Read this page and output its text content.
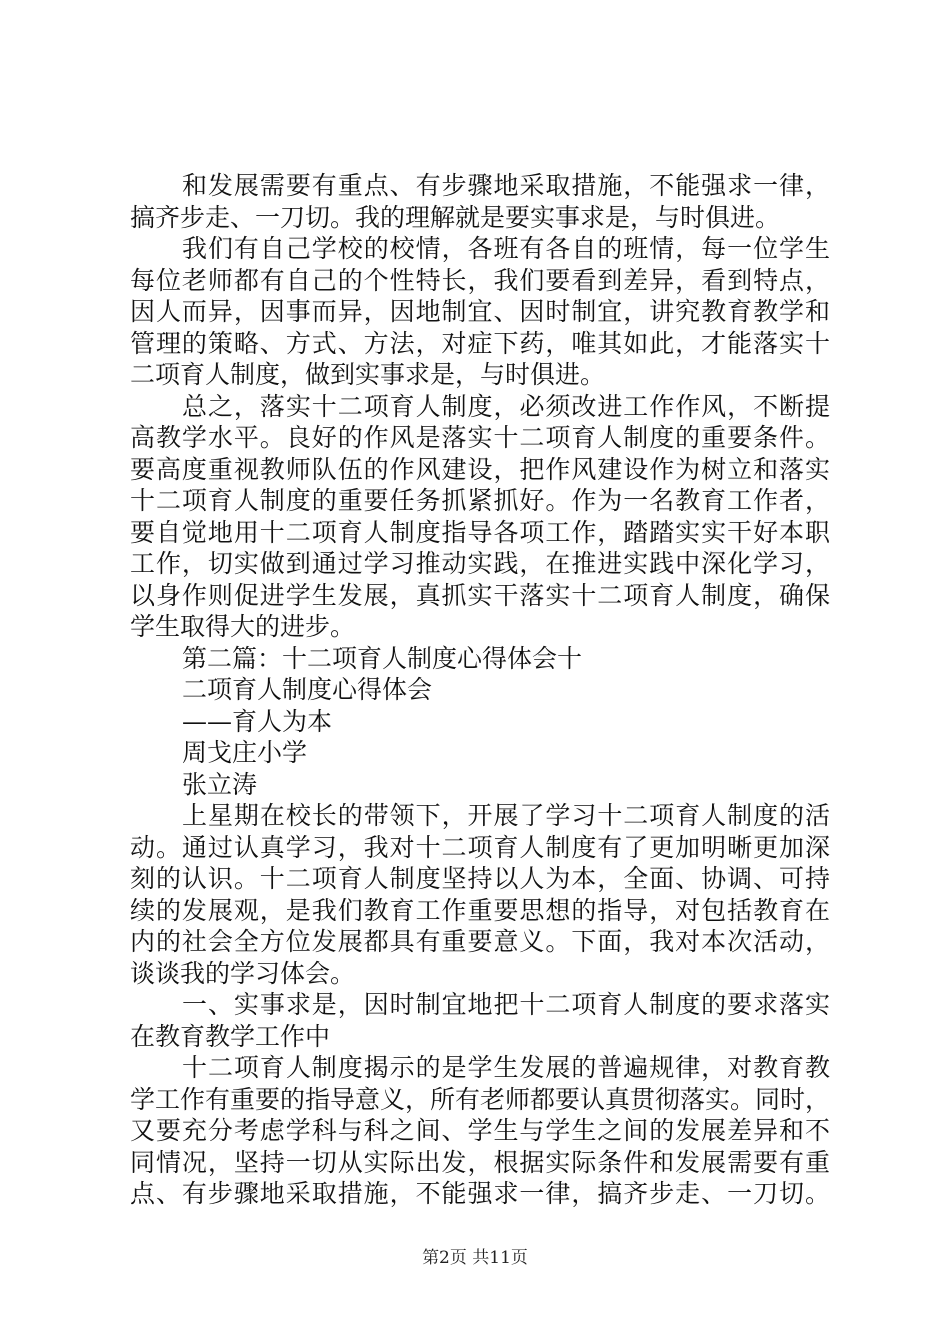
和发展需要有重点、有步骤地采取措施，不能强求一律，
搞齐步走、一刀切。我的理解就是要实事求是，与时俱进。
我们有自己学校的校情，各班有各自的班情，每一位学生
每位老师都有自己的个性特长，我们要看到差异，看到特点，
因人而异，因事而异，因地制宜、因时制宜，讲究教育教学和
管理的策略、方式、方法，对症下药，唯其如此，才能落实十
二项育人制度，做到实事求是，与时俱进。
总之，落实十二项育人制度，必须改进工作作风，不断提
高教学水平。良好的作风是落实十二项育人制度的重要条件。
要高度重视教师队伍的作风建设，把作风建设作为树立和落实
十二项育人制度的重要任务抓紧抓好。作为一名教育工作者，
要自觉地用十二项育人制度指导各项工作，踏踏实实干好本职
工作，切实做到通过学习推动实践，在推进实践中深化学习，
以身作则促进学生发展，真抓实干落实十二项育人制度，确保
学生取得大的进步。
第二篇：十二项育人制度心得体会十
二项育人制度心得体会
——育人为本
周戈庄小学
张立涛
上星期在校长的带领下，开展了学习十二项育人制度的活
动。通过认真学习，我对十二项育人制度有了更加明晰更加深
刻的认识。十二项育人制度坚持以人为本，全面、协调、可持
续的发展观，是我们教育工作重要思想的指导，对包括教育在
内的社会全方位发展都具有重要意义。下面，我对本次活动，
谈谈我的学习体会。
一、实事求是，因时制宜地把十二项育人制度的要求落实
在教育教学工作中
十二项育人制度揭示的是学生发展的普遍规律，对教育教
学工作有重要的指导意义，所有老师都要认真贯彻落实。同时，
又要充分考虑学科与科之间、学生与学生之间的发展差异和不
同情况，坚持一切从实际出发，根据实际条件和发展需要有重
点、有步骤地采取措施，不能强求一律，搞齐步走、一刀切。
第2页 共11页
